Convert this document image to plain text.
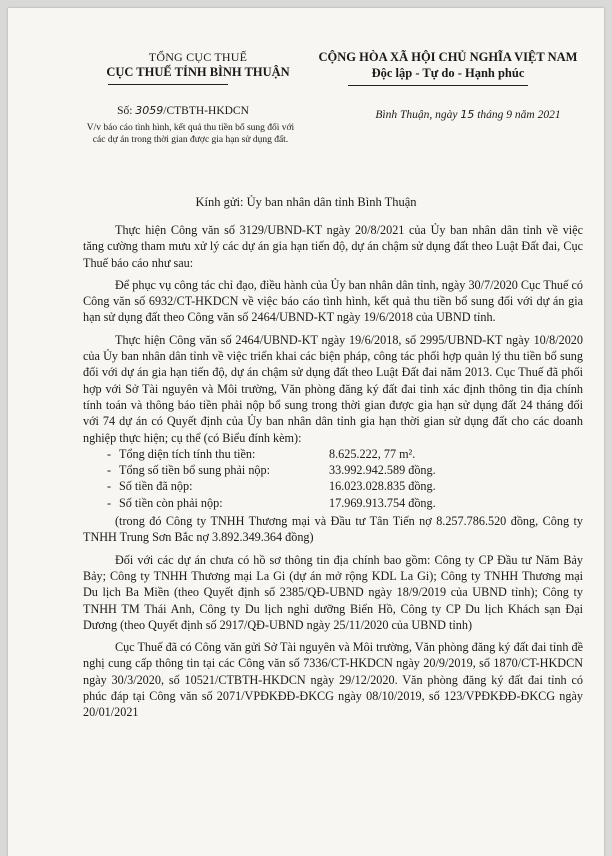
TỔNG CỤC THUẾ
CỤC THUẾ TỈNH BÌNH THUẬN
CỘNG HÒA XÃ HỘI CHỦ NGHĨA VIỆT NAM
Độc lập - Tự do - Hạnh phúc
Số: 3059/CTBTH-HKDCN
V/v báo cáo tình hình, kết quả thu tiền bổ sung đối với các dự án trong thời gian được gia hạn sử dụng đất.
Bình Thuận, ngày 15 tháng 9 năm 2021
Kính gửi: Ủy ban nhân dân tỉnh Bình Thuận

Thực hiện Công văn số 3129/UBND-KT ngày 20/8/2021 của Ủy ban nhân dân tỉnh về việc tăng cường tham mưu xử lý các dự án gia hạn tiến độ, dự án chậm sử dụng đất theo Luật Đất đai, Cục Thuế báo cáo như sau:

Để phục vụ công tác chỉ đạo, điều hành của Ủy ban nhân dân tỉnh, ngày 30/7/2020 Cục Thuế có Công văn số 6932/CT-HKDCN về việc báo cáo tình hình, kết quả thu tiền bổ sung đối với dự án gia hạn sử dụng đất theo Công văn số 2464/UBND-KT ngày 19/6/2018 của UBND tỉnh.

Thực hiện Công văn số 2464/UBND-KT ngày 19/6/2018, số 2995/UBND-KT ngày 10/8/2020 của Ủy ban nhân dân tỉnh về việc triển khai các biện pháp, công tác phối hợp quản lý thu tiền bổ sung đối với dự án gia hạn tiến độ, dự án chậm sử dụng đất theo Luật Đất đai năm 2013. Cục Thuế đã phối hợp với Sở Tài nguyên và Môi trường, Văn phòng đăng ký đất đai tỉnh xác định thông tin địa chính tính toán và thông báo tiền phải nộp bổ sung trong thời gian được gia hạn sử dụng đất 24 tháng đối với 74 dự án có Quyết định của Ủy ban nhân dân tỉnh gia hạn thời gian sử dụng đất cho các doanh nghiệp thực hiện; cụ thể (có Biểu đính kèm):

- Tổng diện tích tính thu tiền:	8.625.222, 77 m².
- Tổng số tiền bổ sung phải nộp:	33.992.942.589 đồng.
- Số tiền đã nộp:	16.023.028.835 đồng.
- Số tiền còn phải nộp:	17.969.913.754 đồng.

(trong đó Công ty TNHH Thương mại và Đầu tư Tân Tiến nợ 8.257.786.520 đồng, Công ty TNHH Trung Sơn Bắc nợ 3.892.349.364 đồng)

Đối với các dự án chưa có hồ sơ thông tin địa chính bao gồm: Công ty CP Đầu tư Năm Bảy Bảy; Công ty TNHH Thương mại La Gi (dự án mở rộng KDL La Gi); Công ty TNHH Thương mại Du lịch Ba Miền (theo Quyết định số 2385/QĐ-UBND ngày 18/9/2019 của UBND tỉnh); Công ty TNHH TM Thái Anh, Công ty Du lịch nghỉ dưỡng Biển Hồ, Công ty CP Du lịch Khách sạn Đại Dương (theo Quyết định số 2917/QĐ-UBND ngày 25/11/2020 của UBND tỉnh)

Cục Thuế đã có Công văn gửi Sở Tài nguyên và Môi trường, Văn phòng đăng ký đất đai tỉnh đề nghị cung cấp thông tin tại các Công văn số 7336/CT-HKDCN ngày 20/9/2019, số 1870/CT-HKDCN ngày 30/3/2020, số 10521/CTBTH-HKDCN ngày 29/12/2020. Văn phòng đăng ký đất đai tỉnh có phúc đáp tại Công văn số 2071/VPĐKĐĐ-ĐKCG ngày 08/10/2019, số 123/VPĐKĐĐ-ĐKCG ngày 20/01/2021
